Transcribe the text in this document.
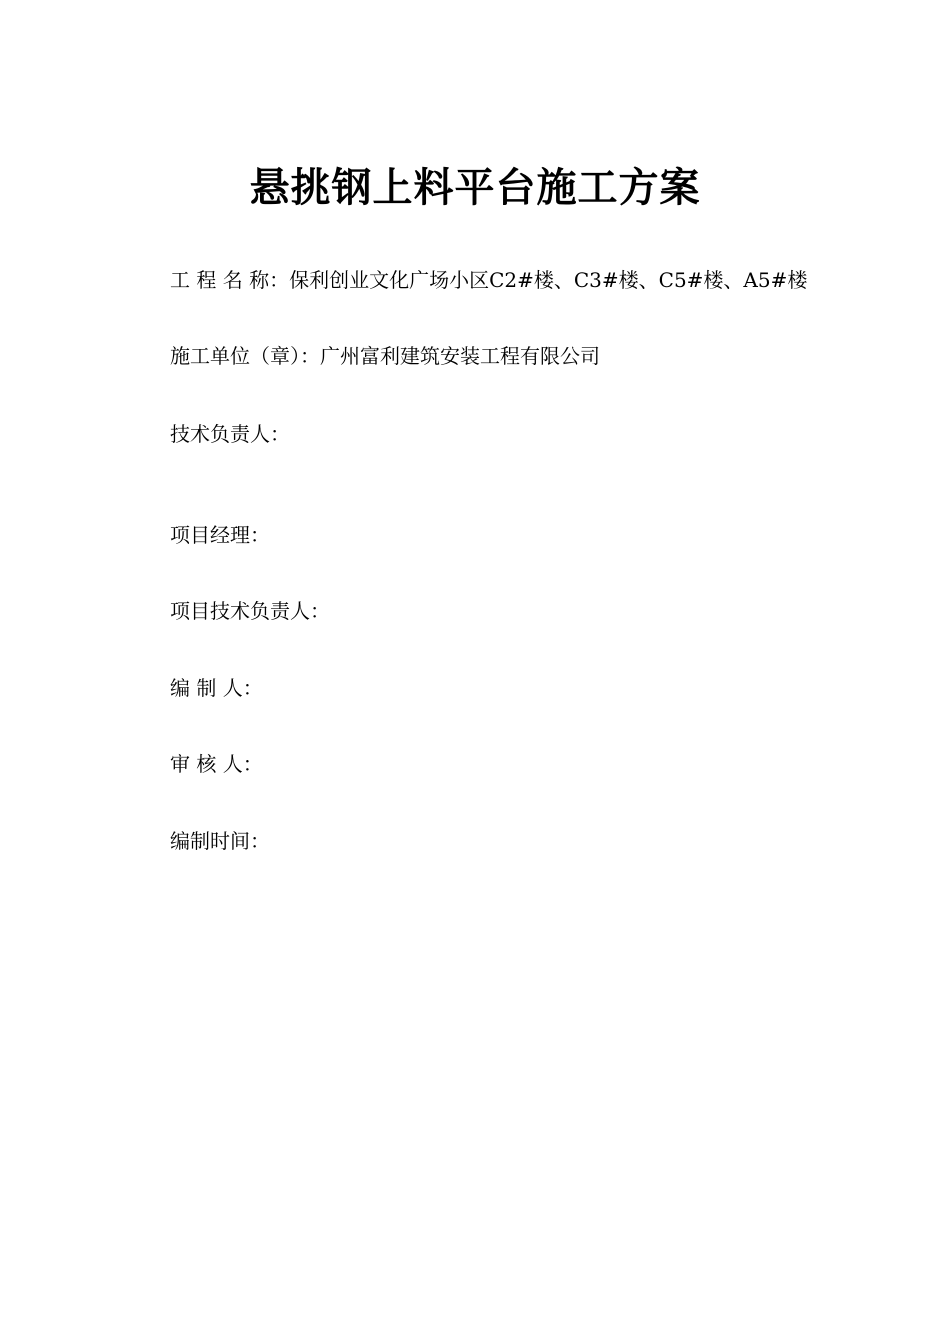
悬挑钢上料平台施工方案
工 程 名 称：保利创业文化广场小区C2#楼、C3#楼、C5#楼、A5#楼
施工单位（章）：广州富利建筑安装工程有限公司
技术负责人：
项目经理：
项目技术负责人：
编 制 人：
审 核 人：
编制时间：
